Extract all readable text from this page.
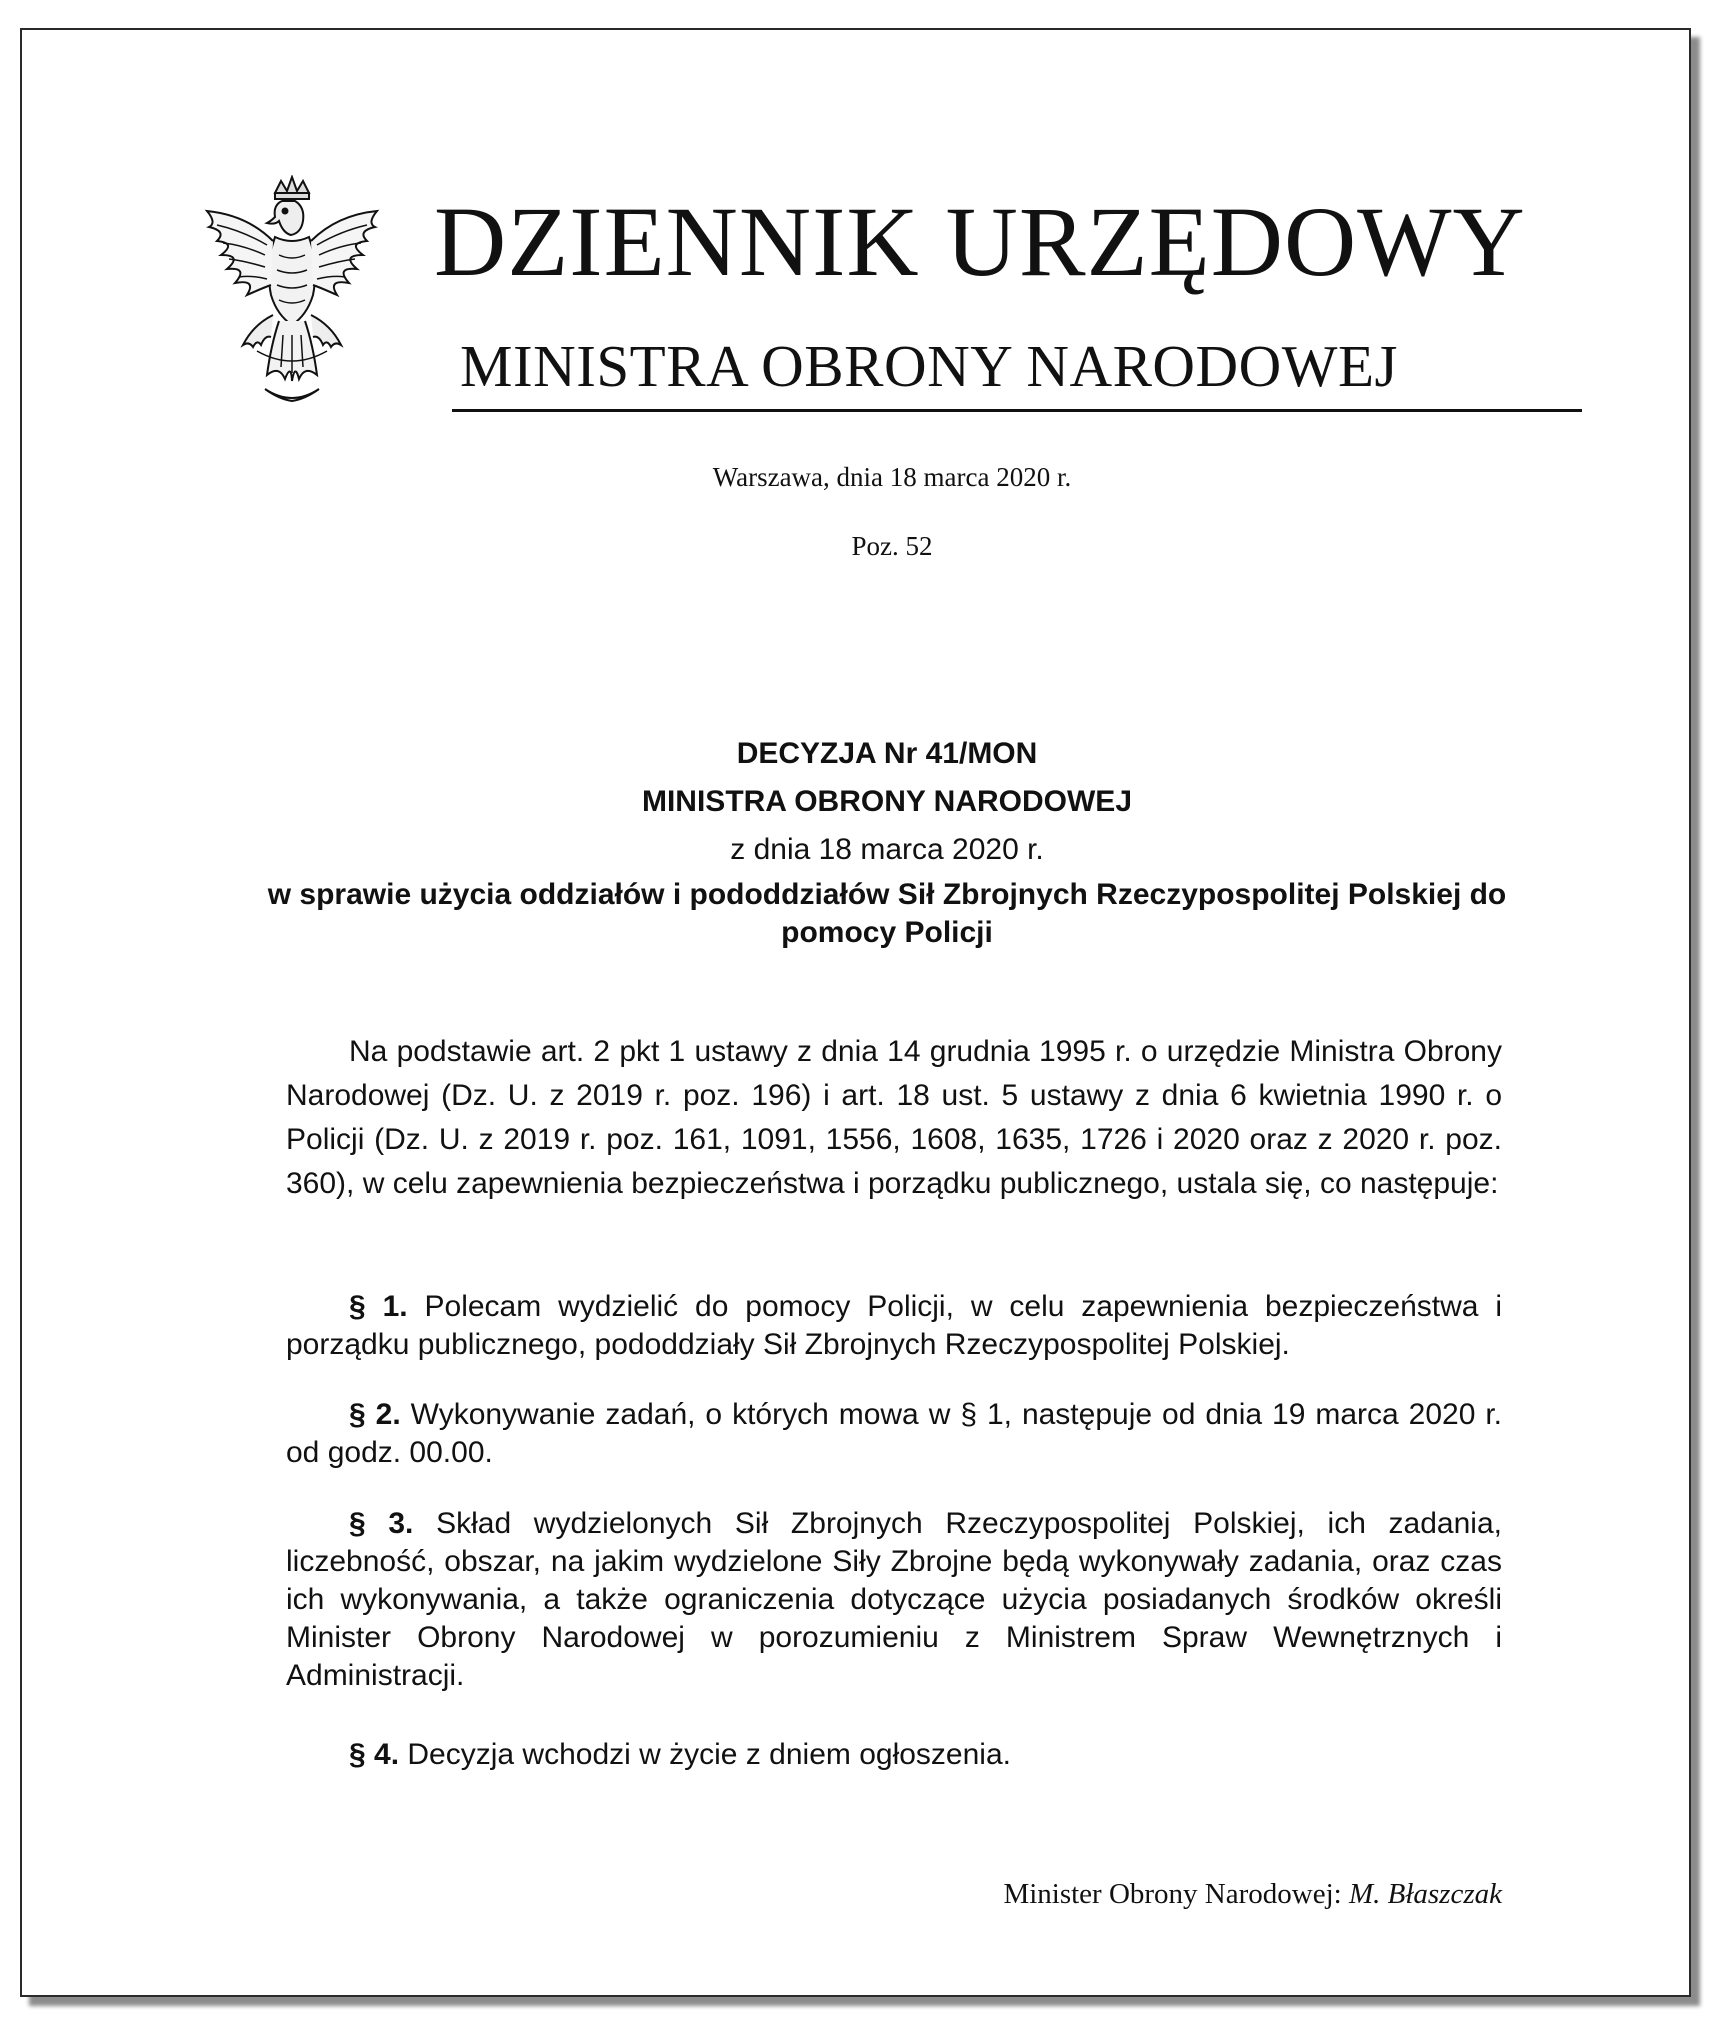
DZIENNIK URZĘDOWY
MINISTRA OBRONY NARODOWEJ
Warszawa, dnia 18 marca 2020 r.
Poz. 52
DECYZJA Nr 41/MON
MINISTRA OBRONY NARODOWEJ
z dnia 18 marca 2020 r.
w sprawie użycia oddziałów i pododdziałów Sił Zbrojnych Rzeczypospolitej Polskiej do pomocy Policji
Na podstawie art. 2 pkt 1 ustawy z dnia 14 grudnia 1995 r. o urzędzie Ministra Obrony Narodowej (Dz. U. z 2019 r. poz. 196) i art. 18 ust. 5 ustawy z dnia 6 kwietnia 1990 r. o Policji (Dz. U. z 2019 r. poz. 161, 1091, 1556, 1608, 1635, 1726 i 2020 oraz z 2020 r. poz. 360), w celu zapewnienia bezpieczeństwa i porządku publicznego, ustala się, co następuje:
§ 1. Polecam wydzielić do pomocy Policji, w celu zapewnienia bezpieczeństwa i porządku publicznego, pododdziały Sił Zbrojnych Rzeczypospolitej Polskiej.
§ 2. Wykonywanie zadań, o których mowa w § 1, następuje od dnia 19 marca 2020 r. od godz. 00.00.
§ 3. Skład wydzielonych Sił Zbrojnych Rzeczypospolitej Polskiej, ich zadania, liczebność, obszar, na jakim wydzielone Siły Zbrojne będą wykonywały zadania, oraz czas ich wykonywania, a także ograniczenia dotyczące użycia posiadanych środków określi Minister Obrony Narodowej w porozumieniu z Ministrem Spraw Wewnętrznych i Administracji.
§ 4. Decyzja wchodzi w życie z dniem ogłoszenia.
Minister Obrony Narodowej: M. Błaszczak
